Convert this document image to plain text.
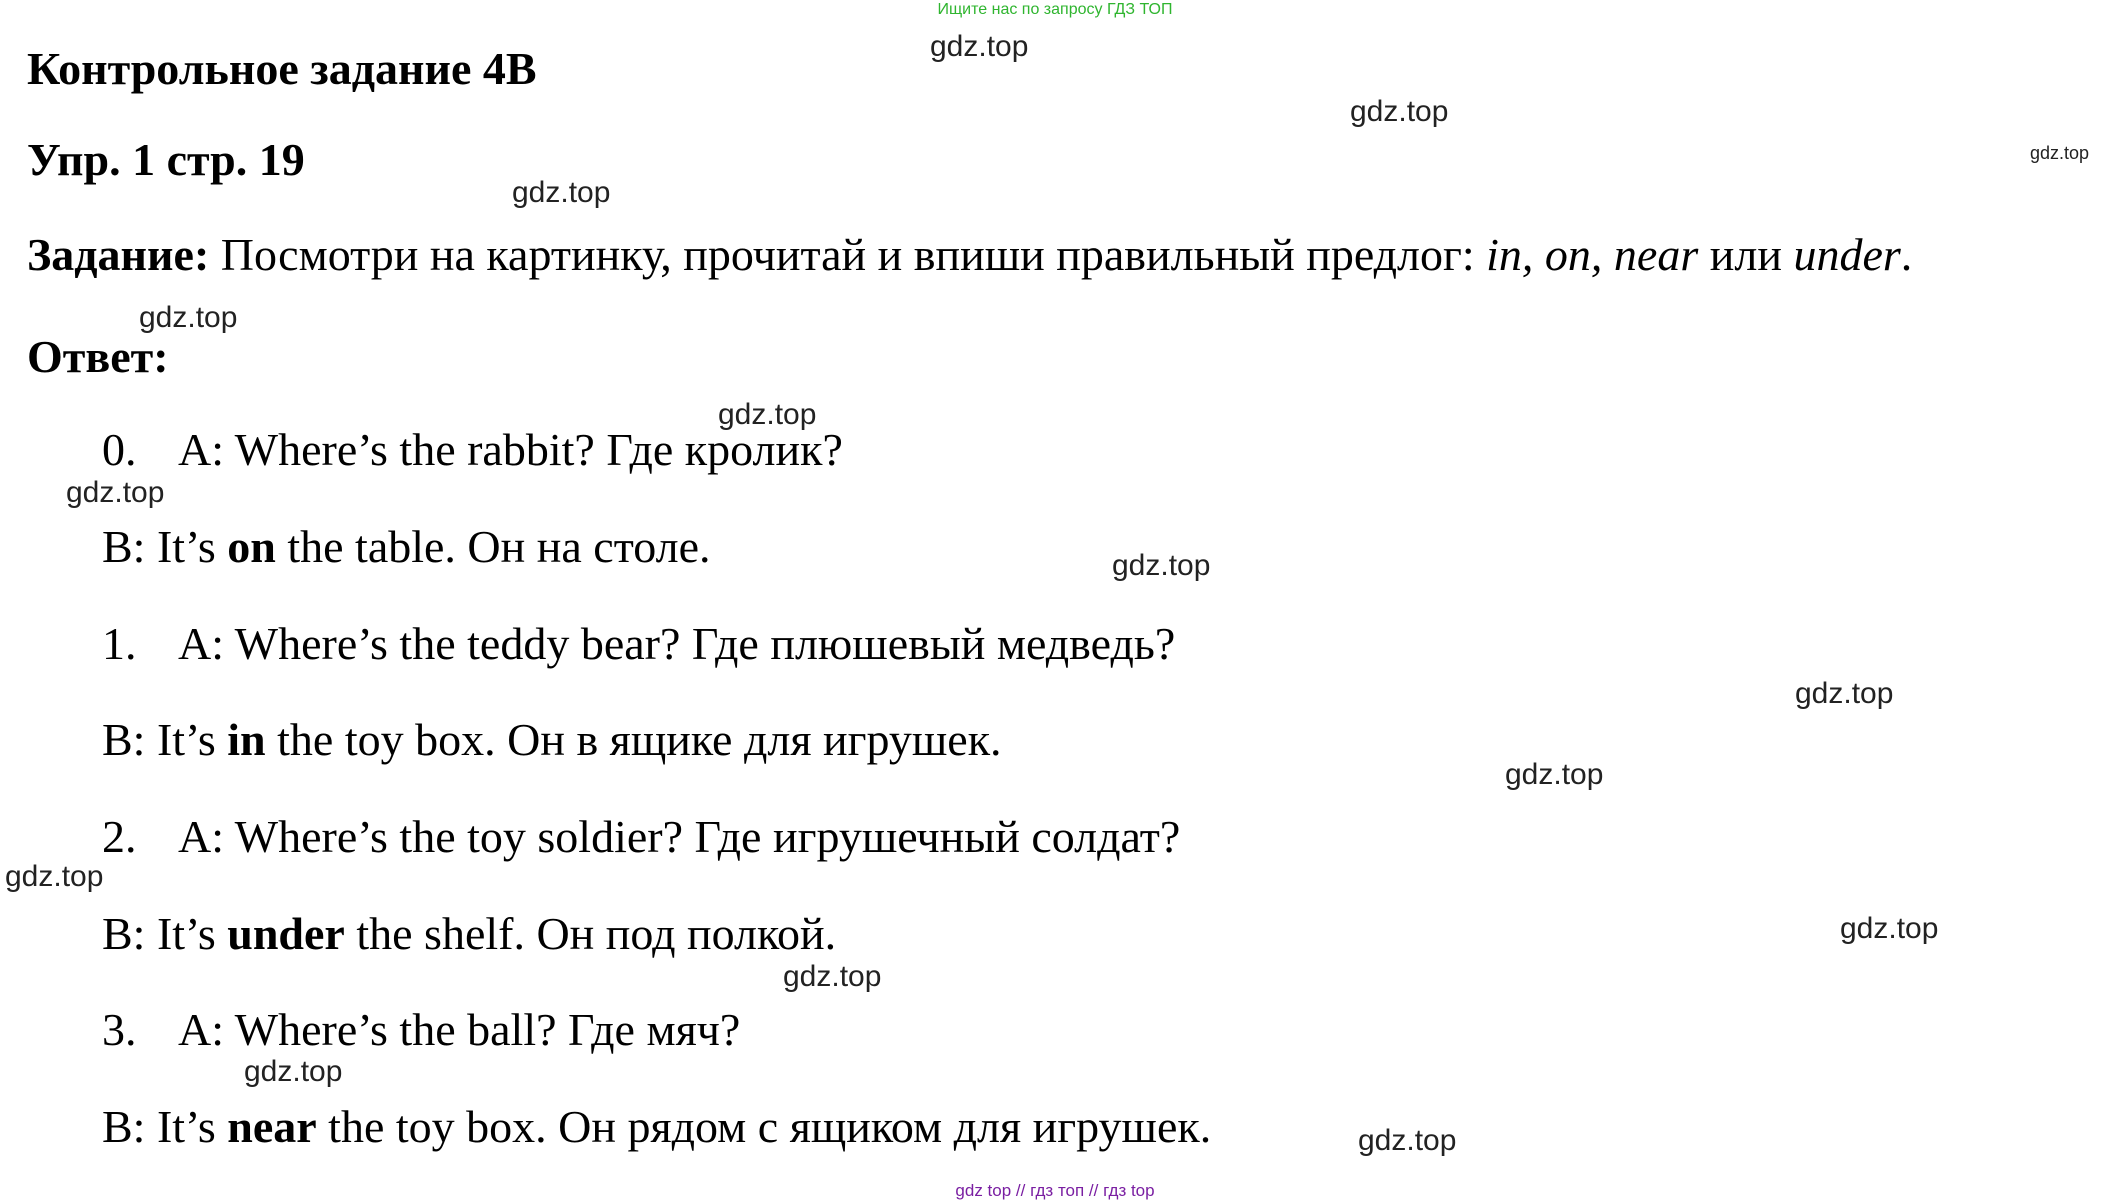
Ищите нас по запросу ГДЗ ТОП
Контрольное задание 4В
Упр. 1 стр. 19
Задание: Посмотри на картинку, прочитай и впиши правильный предлог: in, on, near или under.
Ответ:
0. A: Where’s the rabbit? Где кролик?
B: It’s on the table. Он на столе.
1. A: Where’s the teddy bear? Где плюшевый медведь?
B: It’s in the toy box. Он в ящике для игрушек.
2. A: Where’s the toy soldier? Где игрушечный солдат?
B: It’s under the shelf. Он под полкой.
3. A: Where’s the ball? Где мяч?
B: It’s near the toy box. Он рядом с ящиком для игрушек.
gdz.top
gdz.top
gdz.top
gdz.top
gdz.top
gdz.top
gdz.top
gdz.top
gdz.top
gdz.top
gdz.top
gdz.top
gdz.top
gdz.top
gdz.top
gdz top // гдз топ // гдз top
